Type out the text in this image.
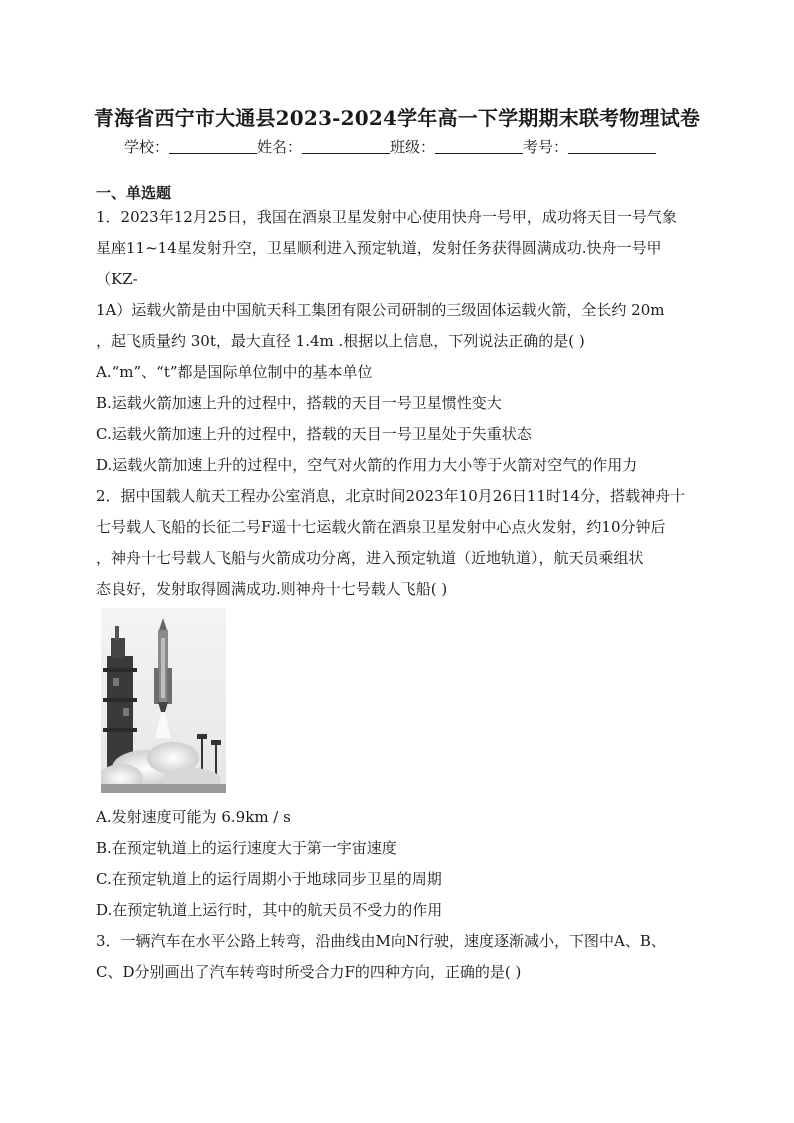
青海省西宁市大通县2023-2024学年高一下学期期末联考物理试卷
学校：	姓名：	班级：	考号：
一、单选题
1．2023年12月25日，我国在酒泉卫星发射中心使用快舟一号甲，成功将天目一号气象
星座11~14星发射升空，卫星顺利进入预定轨道，发射任务获得圆满成功.快舟一号甲
（KZ-
1A）运载火箭是由中国航天科工集团有限公司研制的三级固体运载火箭，全长约 20m
，起飞质量约 30t，最大直径 1.4m .根据以上信息，下列说法正确的是( )
A.“m”、“t”都是国际单位制中的基本单位
B.运载火箭加速上升的过程中，搭载的天目一号卫星惯性变大
C.运载火箭加速上升的过程中，搭载的天目一号卫星处于失重状态
D.运载火箭加速上升的过程中，空气对火箭的作用力大小等于火箭对空气的作用力
2．据中国载人航天工程办公室消息，北京时间2023年10月26日11时14分，搭载神舟十
七号载人飞船的长征二号F遥十七运载火箭在酒泉卫星发射中心点火发射，约10分钟后
，神舟十七号载人飞船与火箭成功分离，进入预定轨道（近地轨道），航天员乘组状
态良好，发射取得圆满成功.则神舟十七号载人飞船( )
A.发射速度可能为 6.9km / s
B.在预定轨道上的运行速度大于第一宇宙速度
C.在预定轨道上的运行周期小于地球同步卫星的周期
D.在预定轨道上运行时，其中的航天员不受力的作用
3．一辆汽车在水平公路上转弯，沿曲线由M向N行驶，速度逐渐减小，下图中A、B、
C、D分别画出了汽车转弯时所受合力F的四种方向，正确的是( )
